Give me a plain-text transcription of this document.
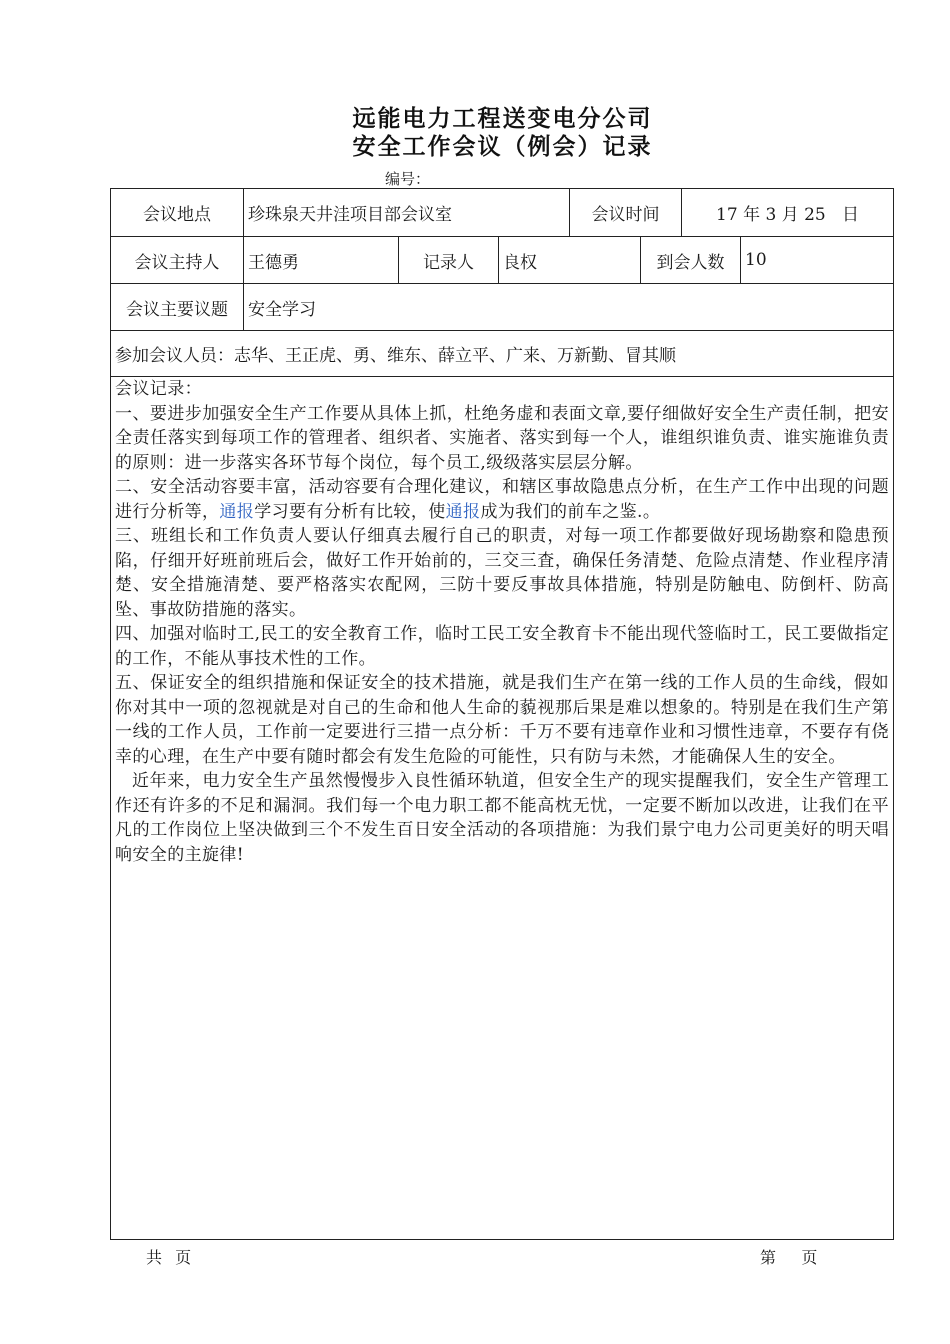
远能电力工程送变电分公司
安全工作会议（例会）记录
编号：
会议地点	珍珠泉天井洼项目部会议室	会议时间	17 年 3 月 25   日
会议主持人	王德勇	记录人	良权	到会人数	10
会议主要议题	安全学习
参加会议人员：志华、王正虎、勇、维东、薛立平、广来、万新勤、冒其顺

会议记录：

一、要进步加强安全生产工作要从具体上抓，杜绝务虚和表面文章,要仔细做好安全生产责任制，把安全责任落实到每项工作的管理者、组织者、实施者、落实到每一个人，谁组织谁负责、谁实施谁负责的原则：进一步落实各环节每个岗位，每个员工,级级落实层层分解。

二、安全活动容要丰富，活动容要有合理化建议，和辖区事故隐患点分析，在生产工作中出现的问题进行分析等，通报学习要有分析有比较，使通报成为我们的前车之鉴.。

三、班组长和工作负责人要认仔细真去履行自己的职责，对每一项工作都要做好现场勘察和隐患预陷，仔细开好班前班后会，做好工作开始前的，三交三査，确保任务清楚、危险点清楚、作业程序清楚、安全措施清楚、要严格落实农配网，三防十要反事故具体措施，特别是防触电、防倒杆、防高坠、事故防措施的落实。

四、加强对临时工,民工的安全教育工作，临时工民工安全教育卡不能出现代签临时工，民工要做指定的工作，不能从事技术性的工作。

五、保证安全的组织措施和保证安全的技术措施，就是我们生产在第一线的工作人员的生命线，假如你对其中一项的忽视就是对自己的生命和他人生命的藐视那后果是难以想象的。特别是在我们生产第一线的工作人员，工作前一定要进行三措一点分析：千万不要有违章作业和习惯性违章，不要存有侥幸的心理，在生产中要有随时都会有发生危险的可能性，只有防与未然，才能确保人生的安全。

近年来，电力安全生产虽然慢慢步入良性循环轨道，但安全生产的现实提醒我们，安全生产管理工作还有许多的不足和漏洞。我们每一个电力职工都不能高枕无忧，一定要不断加以改进，让我们在平凡的工作岗位上坚决做到三个不发生百日安全活动的各项措施：为我们景宁电力公司更美好的明天唱响安全的主旋律!

共  页	第    页
